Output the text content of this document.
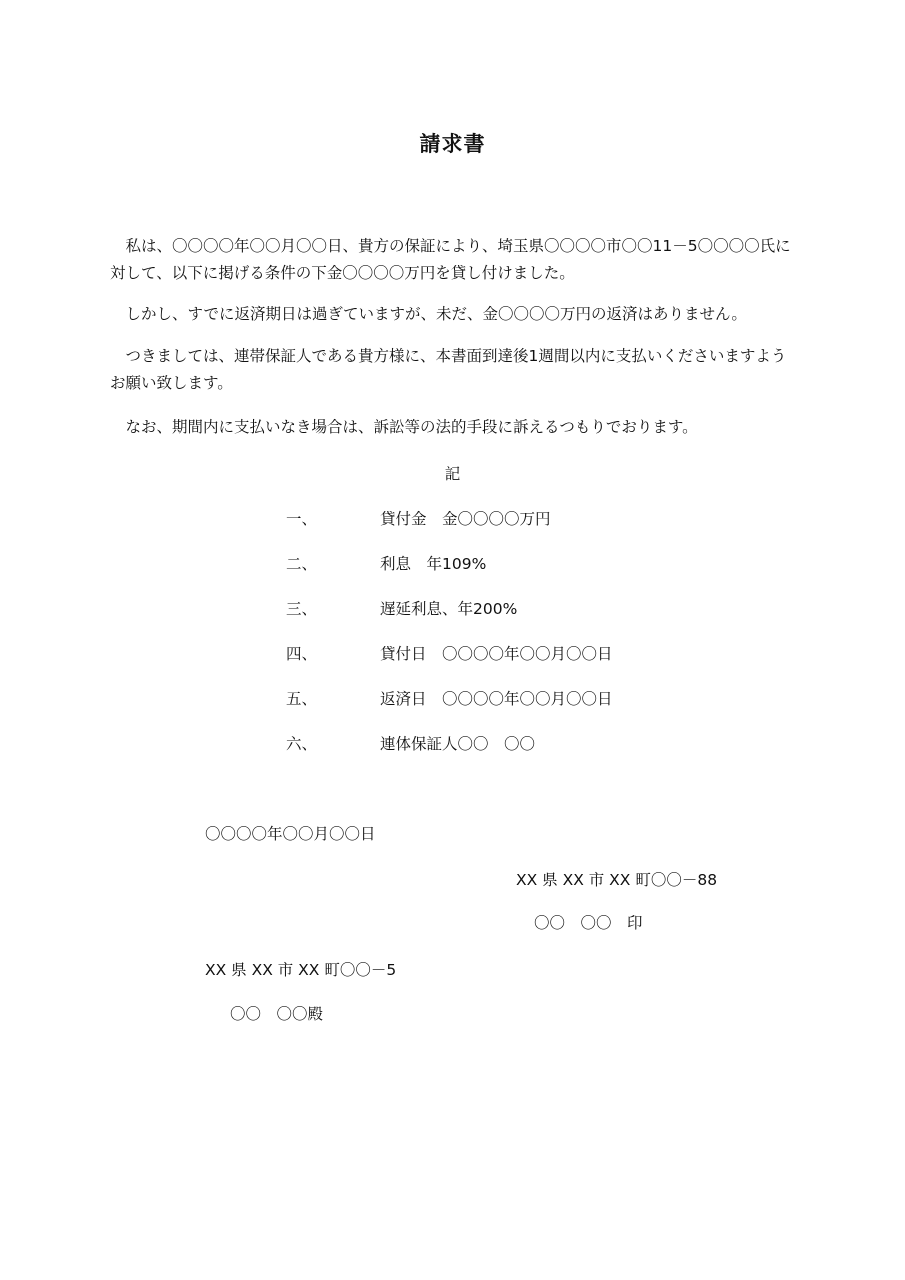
請求書

私は、〇〇〇〇年〇〇月〇〇日、貴方の保証により、埼玉県〇〇〇〇市〇〇11－5〇〇〇〇氏に対して、以下に掲げる条件の下金〇〇〇〇万円を貸し付けました。

しかし、すでに返済期日は過ぎていますが、未だ、金〇〇〇〇万円の返済はありません。

つきましては、連帯保証人である貴方様に、本書面到達後1週間以内に支払いくださいますようお願い致します。

なお、期間内に支払いなき場合は、訴訟等の法的手段に訴えるつもりでおります。

記
一、	貸付金　金〇〇〇〇万円
二、	利息　年109%
三、	遅延利息、年200%
四、	貸付日　〇〇〇〇年〇〇月〇〇日
五、	返済日　〇〇〇〇年〇〇月〇〇日
六、	連体保証人〇〇　〇〇
〇〇〇〇年〇〇月〇〇日
XX 県 XX 市 XX 町〇〇－88
〇〇　〇〇　印
XX 県 XX 市 XX 町〇〇－5
〇〇　〇〇殿
